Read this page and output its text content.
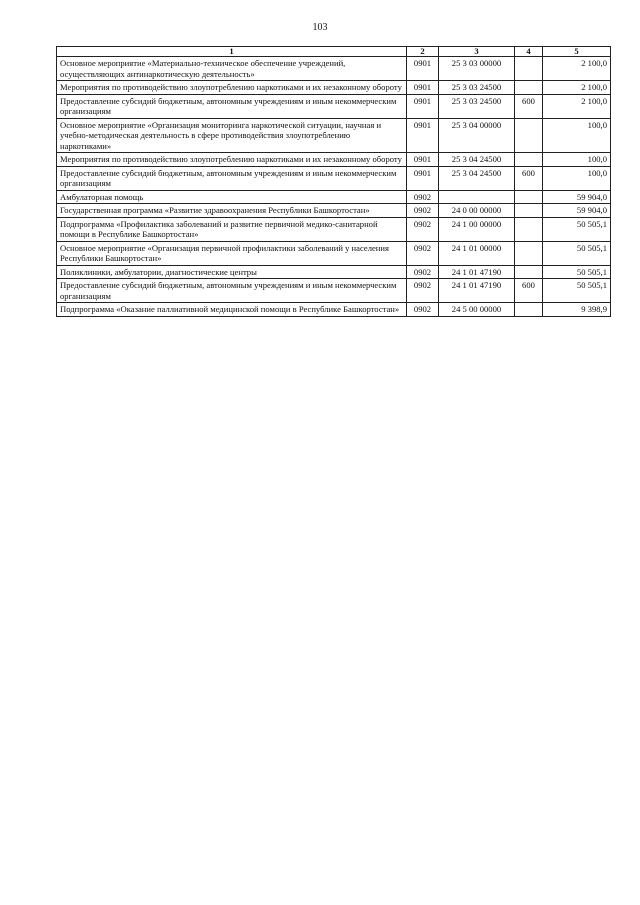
103
1	2	3	4	5
Основное мероприятие «Материально-техническое обеспечение учреждений, осуществляющих антинаркотическую деятельность»	0901	25 3 03 00000		2 100,0
Мероприятия по противодействию злоупотреблению наркотиками и их незаконному обороту	0901	25 3 03 24500		2 100,0
Предоставление субсидий бюджетным, автономным учреждениям и иным некоммерческим организациям	0901	25 3 03 24500	600	2 100,0
Основное мероприятие «Организация мониторинга наркотической ситуации, научная и учебно-методическая деятельность в сфере противодействия злоупотреблению наркотиками»	0901	25 3 04 00000		100,0
Мероприятия по противодействию злоупотреблению наркотиками и их незаконному обороту	0901	25 3 04 24500		100,0
Предоставление субсидий бюджетным, автономным учреждениям и иным некоммерческим организациям	0901	25 3 04 24500	600	100,0
Амбулаторная помощь	0902			59 904,0
Государственная программа «Развитие здравоохранения Республики Башкортостан»	0902	24 0 00 00000		59 904,0
Подпрограмма «Профилактика заболеваний и развитие первичной медико-санитарной помощи в Республике Башкортостан»	0902	24 1 00 00000		50 505,1
Основное мероприятие «Организация первичной профилактики заболеваний у населения Республики Башкортостан»	0902	24 1 01 00000		50 505,1
Поликлиники, амбулатории, диагностические центры	0902	24 1 01 47190		50 505,1
Предоставление субсидий бюджетным, автономным учреждениям и иным некоммерческим организациям	0902	24 1 01 47190	600	50 505,1
Подпрограмма «Оказание паллиативной медицинской помощи в Республике Башкортостан»	0902	24 5 00 00000		9 398,9
